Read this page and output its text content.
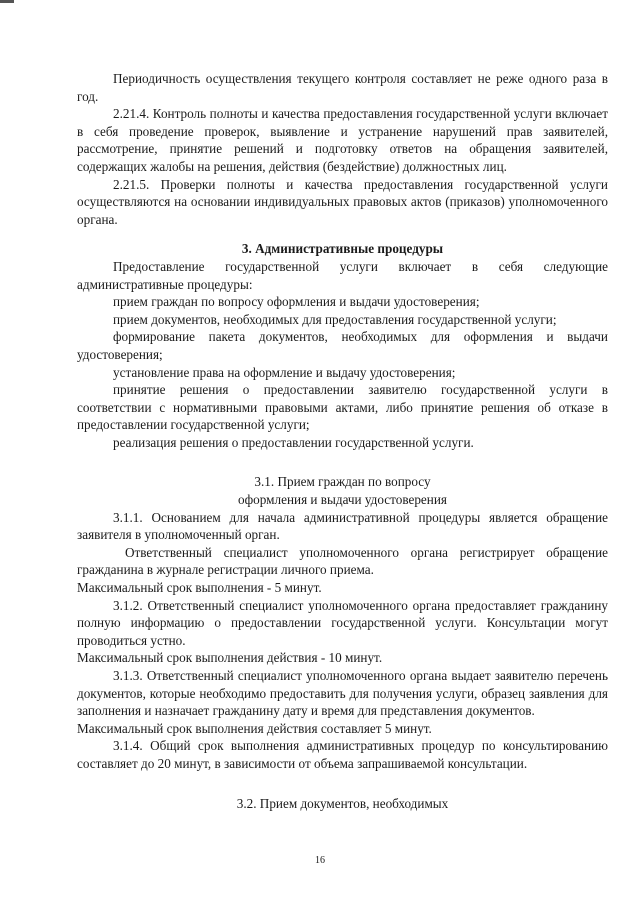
Периодичность осуществления текущего контроля составляет не реже одного раза в год.

2.21.4. Контроль полноты и качества предоставления государственной услуги включает в себя проведение проверок, выявление и устранение нарушений прав заявителей, рассмотрение, принятие решений и подготовку ответов на обращения заявителей, содержащих жалобы на решения, действия (бездействие) должностных лиц.

2.21.5. Проверки полноты и качества предоставления государственной услуги осуществляются на основании индивидуальных правовых актов (приказов) уполномоченного органа.

3. Административные процедуры

Предоставление государственной услуги включает в себя следующие административные процедуры:

прием граждан по вопросу оформления и выдачи удостоверения;

прием документов, необходимых для предоставления государственной услуги;

формирование пакета документов, необходимых для оформления и выдачи удостоверения;

установление права на оформление и выдачу удостоверения;

принятие решения о предоставлении заявителю государственной услуги в соответствии с нормативными правовыми актами, либо принятие решения об отказе в предоставлении государственной услуги;

реализация решения о предоставлении государственной услуги.

3.1. Прием граждан по вопросу

оформления и выдачи удостоверения

3.1.1. Основанием для начала административной процедуры является обращение заявителя в уполномоченный орган.

Ответственный специалист уполномоченного органа регистрирует обращение гражданина в журнале регистрации личного приема.

Максимальный срок выполнения - 5 минут.

3.1.2. Ответственный специалист уполномоченного органа предоставляет гражданину полную информацию о предоставлении государственной услуги. Консультации могут проводиться устно.

Максимальный срок выполнения действия - 10 минут.

3.1.3. Ответственный специалист уполномоченного органа выдает заявителю перечень документов, которые необходимо предоставить для получения услуги, образец заявления для заполнения и назначает гражданину дату и время для представления документов.

Максимальный срок выполнения действия составляет 5 минут.

3.1.4. Общий срок выполнения административных процедур по консультированию составляет до 20 минут, в зависимости от объема запрашиваемой консультации.

3.2. Прием документов, необходимых

16
